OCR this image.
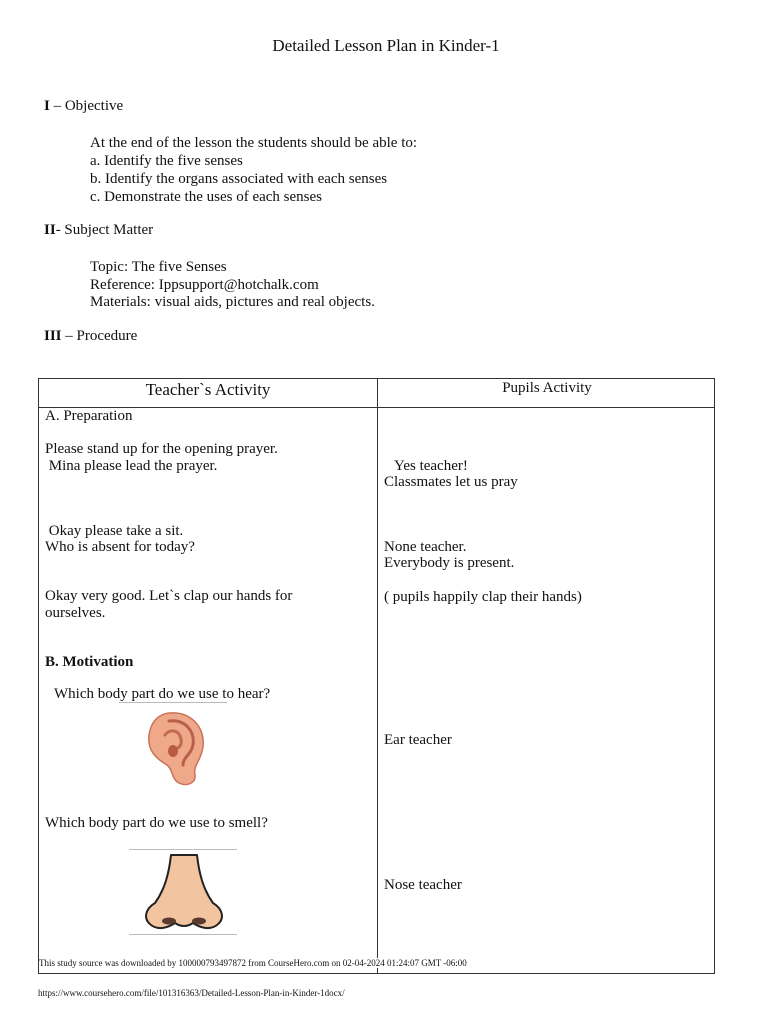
Detailed Lesson Plan in Kinder-1
I – Objective
At the end of the lesson the students should be able to:
a. Identify the five senses
b. Identify the organs associated with each senses
c. Demonstrate the uses of each senses
II- Subject Matter
Topic: The five Senses
Reference: Ippsupport@hotchalk.com
Materials: visual aids, pictures and real objects.
III – Procedure
Teacher`s Activity	Pupils Activity
A. Preparation
Please stand up for the opening prayer.
Mina please lead the prayer.
Okay please take a sit.
Who is absent for today?
Okay very good. Let`s clap our hands for
ourselves.
B. Motivation
Which body part do we use to hear?
Which body part do we use to smell?
Yes teacher!
Classmates let us pray
None teacher.
Everybody is present.
( pupils happily clap their hands)
Ear teacher
Nose teacher
This study source was downloaded by 100000793497872 from CourseHero.com on 02-04-2024 01:24:07 GMT -06:00
https://www.coursehero.com/file/101316363/Detailed-Lesson-Plan-in-Kinder-1docx/
